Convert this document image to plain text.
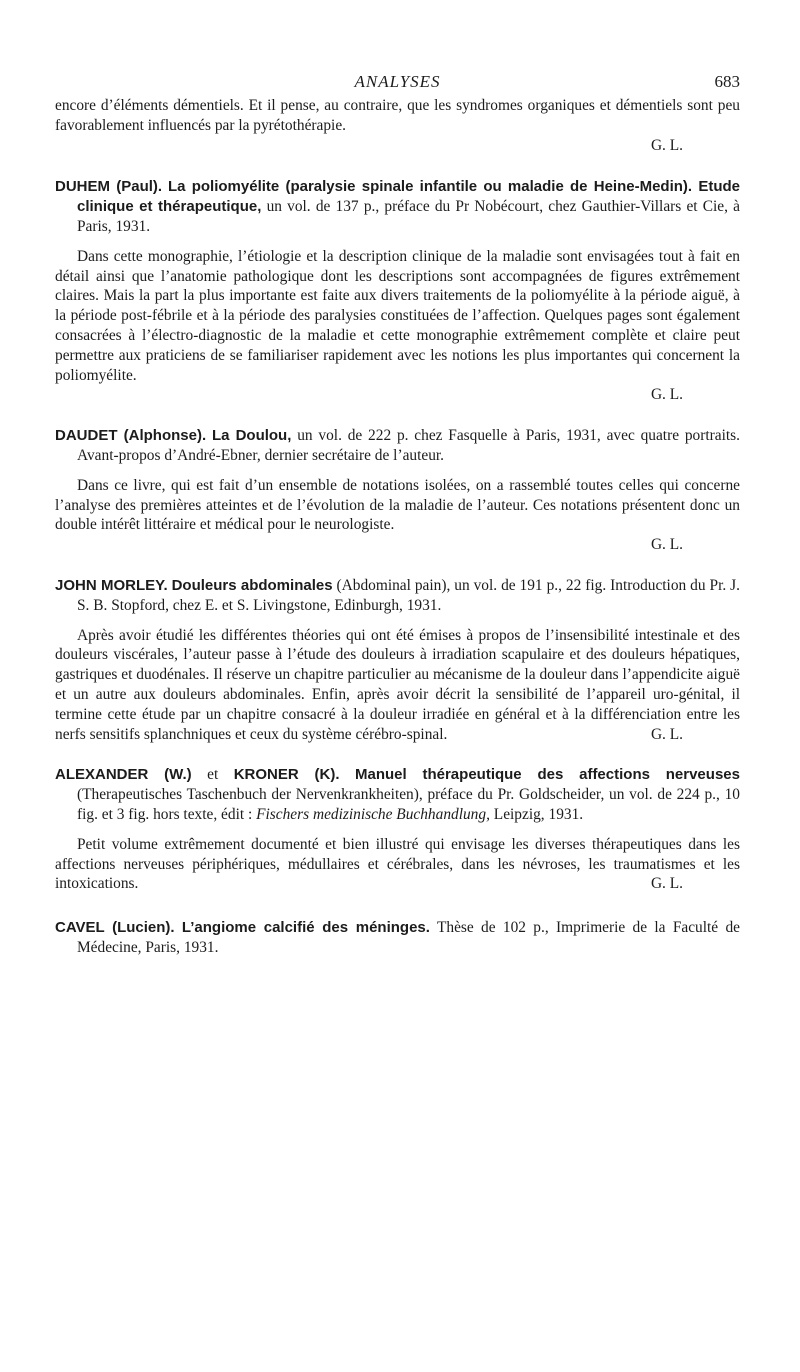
ANALYSES	683

encore d’éléments démentiels. Et il pense, au contraire, que les syndromes organiques et démentiels sont peu favorablement influencés par la pyrétothérapie.

G. L.

DUHEM (Paul). La poliomyélite (paralysie spinale infantile ou maladie de Heine-Medin). Etude clinique et thérapeutique, un vol. de 137 p., préface du Pr Nobécourt, chez Gauthier-Villars et Cie, à Paris, 1931.

Dans cette monographie, l’étiologie et la description clinique de la maladie sont envisagées tout à fait en détail ainsi que l’anatomie pathologique dont les descriptions sont accompagnées de figures extrêmement claires. Mais la part la plus importante est faite aux divers traitements de la poliomyélite à la période aiguë, à la période post-fébrile et à la période des paralysies constituées de l’affection. Quelques pages sont également consacrées à l’électro-diagnostic de la maladie et cette monographie extrêmement complète et claire peut permettre aux praticiens de se familiariser rapidement avec les notions les plus importantes qui concernent la poliomyélite.

G. L.

DAUDET (Alphonse). La Doulou, un vol. de 222 p. chez Fasquelle à Paris, 1931, avec quatre portraits. Avant-propos d’André-Ebner, dernier secrétaire de l’auteur.

Dans ce livre, qui est fait d’un ensemble de notations isolées, on a rassemblé toutes celles qui concerne l’analyse des premières atteintes et de l’évolution de la maladie de l’auteur. Ces notations présentent donc un double intérêt littéraire et médical pour le neurologiste.

G. L.

JOHN MORLEY. Douleurs abdominales (Abdominal pain), un vol. de 191 p., 22 fig. Introduction du Pr. J. S. B. Stopford, chez E. et S. Livingstone, Edinburgh, 1931.

Après avoir étudié les différentes théories qui ont été émises à propos de l’insensibilité intestinale et des douleurs viscérales, l’auteur passe à l’étude des douleurs à irradiation scapulaire et des douleurs hépatiques, gastriques et duodénales. Il réserve un chapitre particulier au mécanisme de la douleur dans l’appendicite aiguë et un autre aux douleurs abdominales. Enfin, après avoir décrit la sensibilité de l’appareil uro-génital, il termine cette étude par un chapitre consacré à la douleur irradiée en général et à la différenciation entre les nerfs sensitifs splanchniques et ceux du système cérébro-spinal.	G. L.

ALEXANDER (W.) et KRONER (K). Manuel thérapeutique des affections nerveuses (Therapeutisches Taschenbuch der Nervenkrankheiten), préface du Pr. Goldscheider, un vol. de 224 p., 10 fig. et 3 fig. hors texte, édit : Fischers medizinische Buchhandlung, Leipzig, 1931.

Petit volume extrêmement documenté et bien illustré qui envisage les diverses thérapeutiques dans les affections nerveuses périphériques, médullaires et cérébrales, dans les névroses, les traumatismes et les intoxications.	G. L.

CAVEL (Lucien). L’angiome calcifié des méninges. Thèse de 102 p., Imprimerie de la Faculté de Médecine, Paris, 1931.
